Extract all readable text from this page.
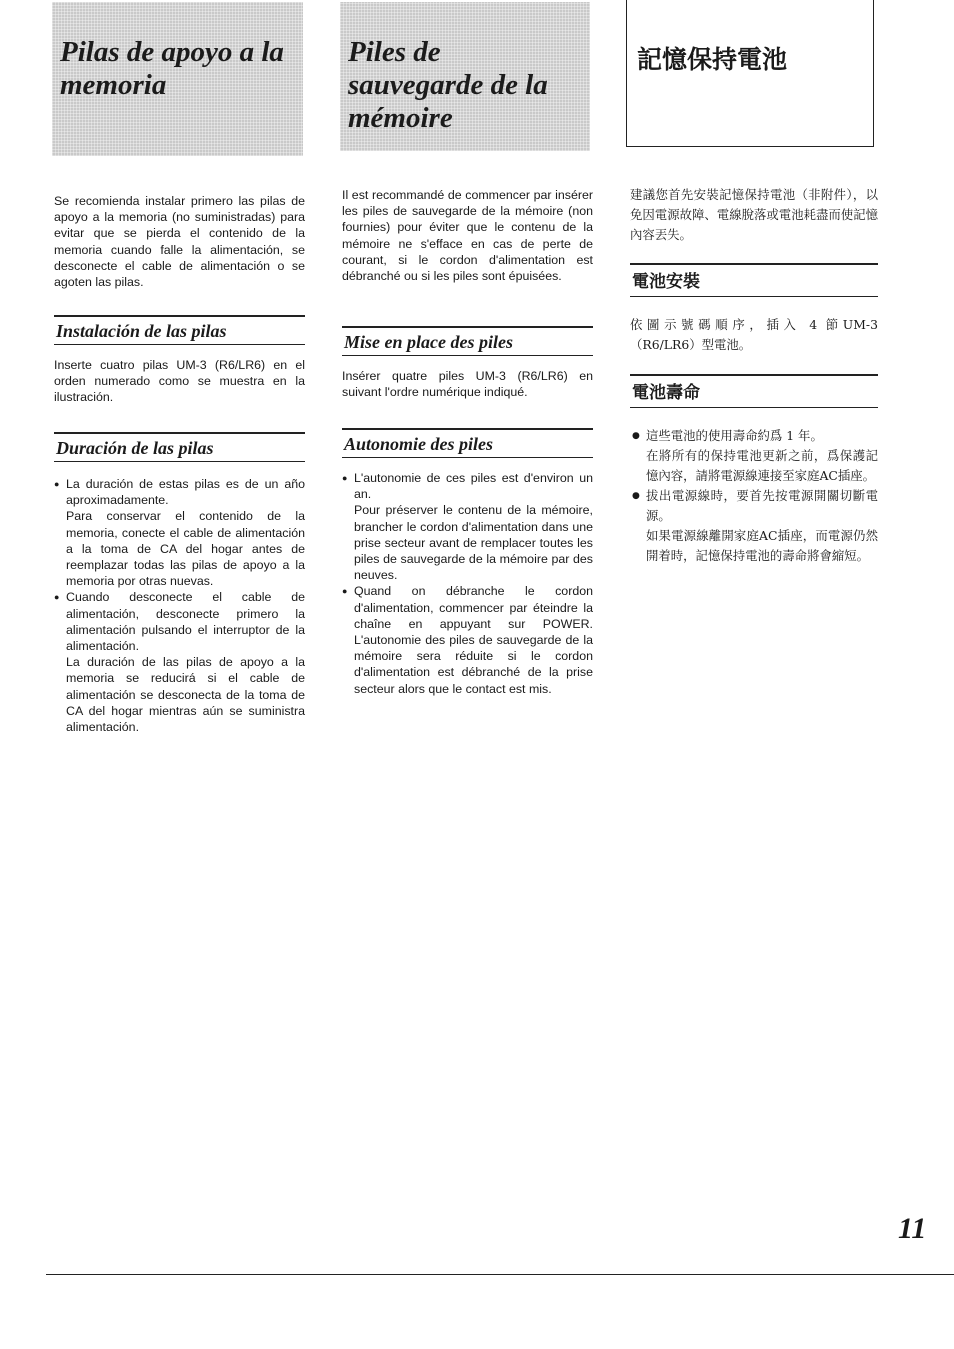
Pilas de apoyo a la memoria
Se recomienda instalar primero las pilas de apoyo a la memoria (no suministradas) para evitar que se pierda el contenido de la memoria cuando falle la alimentación, se desconecte el cable de alimentación o se agoten las pilas.
Instalación de las pilas
Inserte cuatro pilas UM-3 (R6/LR6) en el orden numerado como se muestra en la ilustración.
Duración de las pilas
● La duración de estas pilas es de un año aproximadamente.

Para conservar el contenido de la memoria, conecte el cable de alimentación a la toma de CA del hogar antes de reemplazar todas las pilas de apoyo a la memoria por otras nuevas.

● Cuando desconecte el cable de alimentación, desconecte primero la alimentación pulsando el interruptor de la alimentación.

La duración de las pilas de apoyo a la memoria se reducirá si el cable de alimentación se desconecta de la toma de CA del hogar mientras aún se suministra alimentación.

Piles de sauvegarde de la mémoire
Il est recommandé de commencer par insérer les piles de sauvegarde de la mémoire (non fournies) pour éviter que le contenu de la mémoire ne s'efface en cas de perte de courant, si le cordon d'alimentation est débranché ou si les piles sont épuisées.
Mise en place des piles
Insérer quatre piles UM-3 (R6/LR6) en suivant l'ordre numérique indiqué.
Autonomie des piles
● L'autonomie de ces piles est d'environ un an.

Pour préserver le contenu de la mémoire, brancher le cordon d'alimentation dans une prise secteur avant de remplacer toutes les piles de sauvegarde de la mémoire par des neuves.

● Quand on débranche le cordon d'alimentation, commencer par éteindre la chaîne en appuyant sur POWER. L'autonomie des piles de sauvegarde de la mémoire sera réduite si le cordon d'alimentation est débranché de la prise secteur alors que le contact est mis.
記憶保持電池
建議您首先安裝記憶保持電池（非附件），以免因電源故障、電線脫落或電池耗盡而使記憶內容丟失。
電池安裝
依圖示號碼順序，插入 4 節UM-3（R6/LR6）型電池。
電池壽命
● 這些電池的使用壽命約爲 1 年。

在將所有的保持電池更新之前，爲保護記憶內容，請將電源線連接至家庭AC插座。

● 拔出電源線時，要首先按電源開關切斷電源。

如果電源線離開家庭AC插座，而電源仍然開着時，記憶保持電池的壽命將會縮短。

11
